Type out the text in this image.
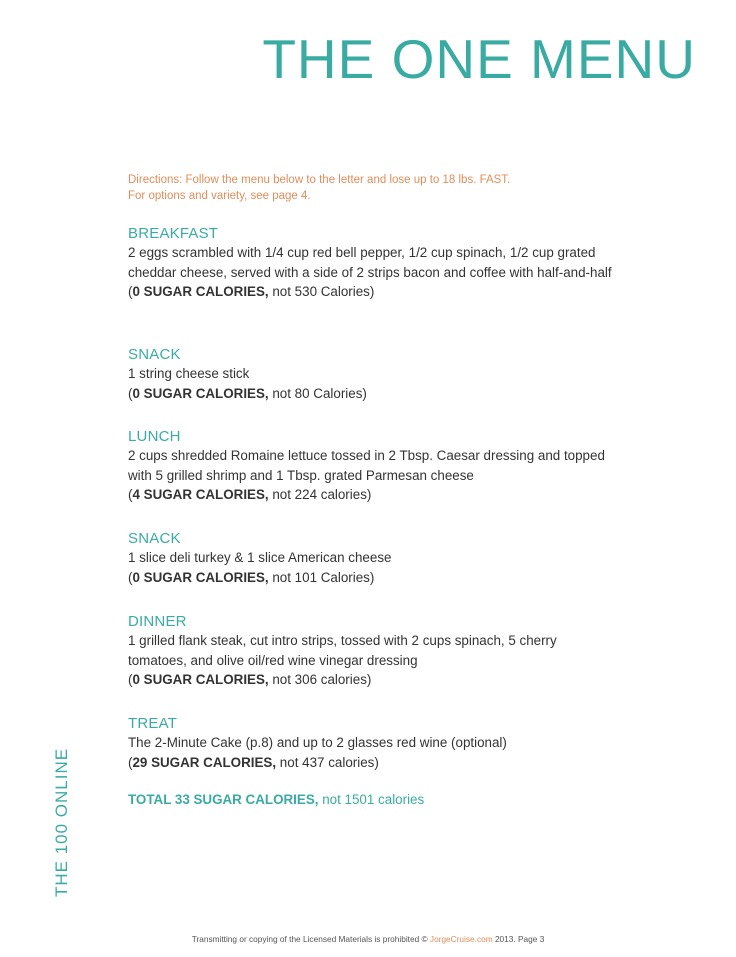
THE ONE MENU
Directions: Follow the menu below to the letter and lose up to 18 lbs. FAST.
For options and variety, see page 4.
BREAKFAST
2 eggs scrambled with 1/4 cup red bell pepper, 1/2 cup spinach, 1/2 cup grated cheddar cheese, served with a side of 2 strips bacon and coffee with half-and-half
(0 SUGAR CALORIES, not 530 Calories)
SNACK
1 string cheese stick
(0 SUGAR CALORIES, not 80 Calories)
LUNCH
2 cups shredded Romaine lettuce tossed in 2 Tbsp. Caesar dressing and topped with 5 grilled shrimp and 1 Tbsp. grated Parmesan cheese
(4 SUGAR CALORIES, not 224 calories)
SNACK
1 slice deli turkey & 1 slice American cheese
(0 SUGAR CALORIES, not 101 Calories)
DINNER
1 grilled flank steak, cut intro strips, tossed with 2 cups spinach, 5 cherry tomatoes, and olive oil/red wine vinegar dressing
(0 SUGAR CALORIES, not 306 calories)
TREAT
The 2-Minute Cake (p.8) and up to 2 glasses red wine (optional)
(29 SUGAR CALORIES, not 437 calories)
TOTAL 33 SUGAR CALORIES, not 1501 calories
THE 100 ONLINE
Transmitting or copying of the Licensed Materials is prohibited © JorgeCruise.com 2013. Page 3
